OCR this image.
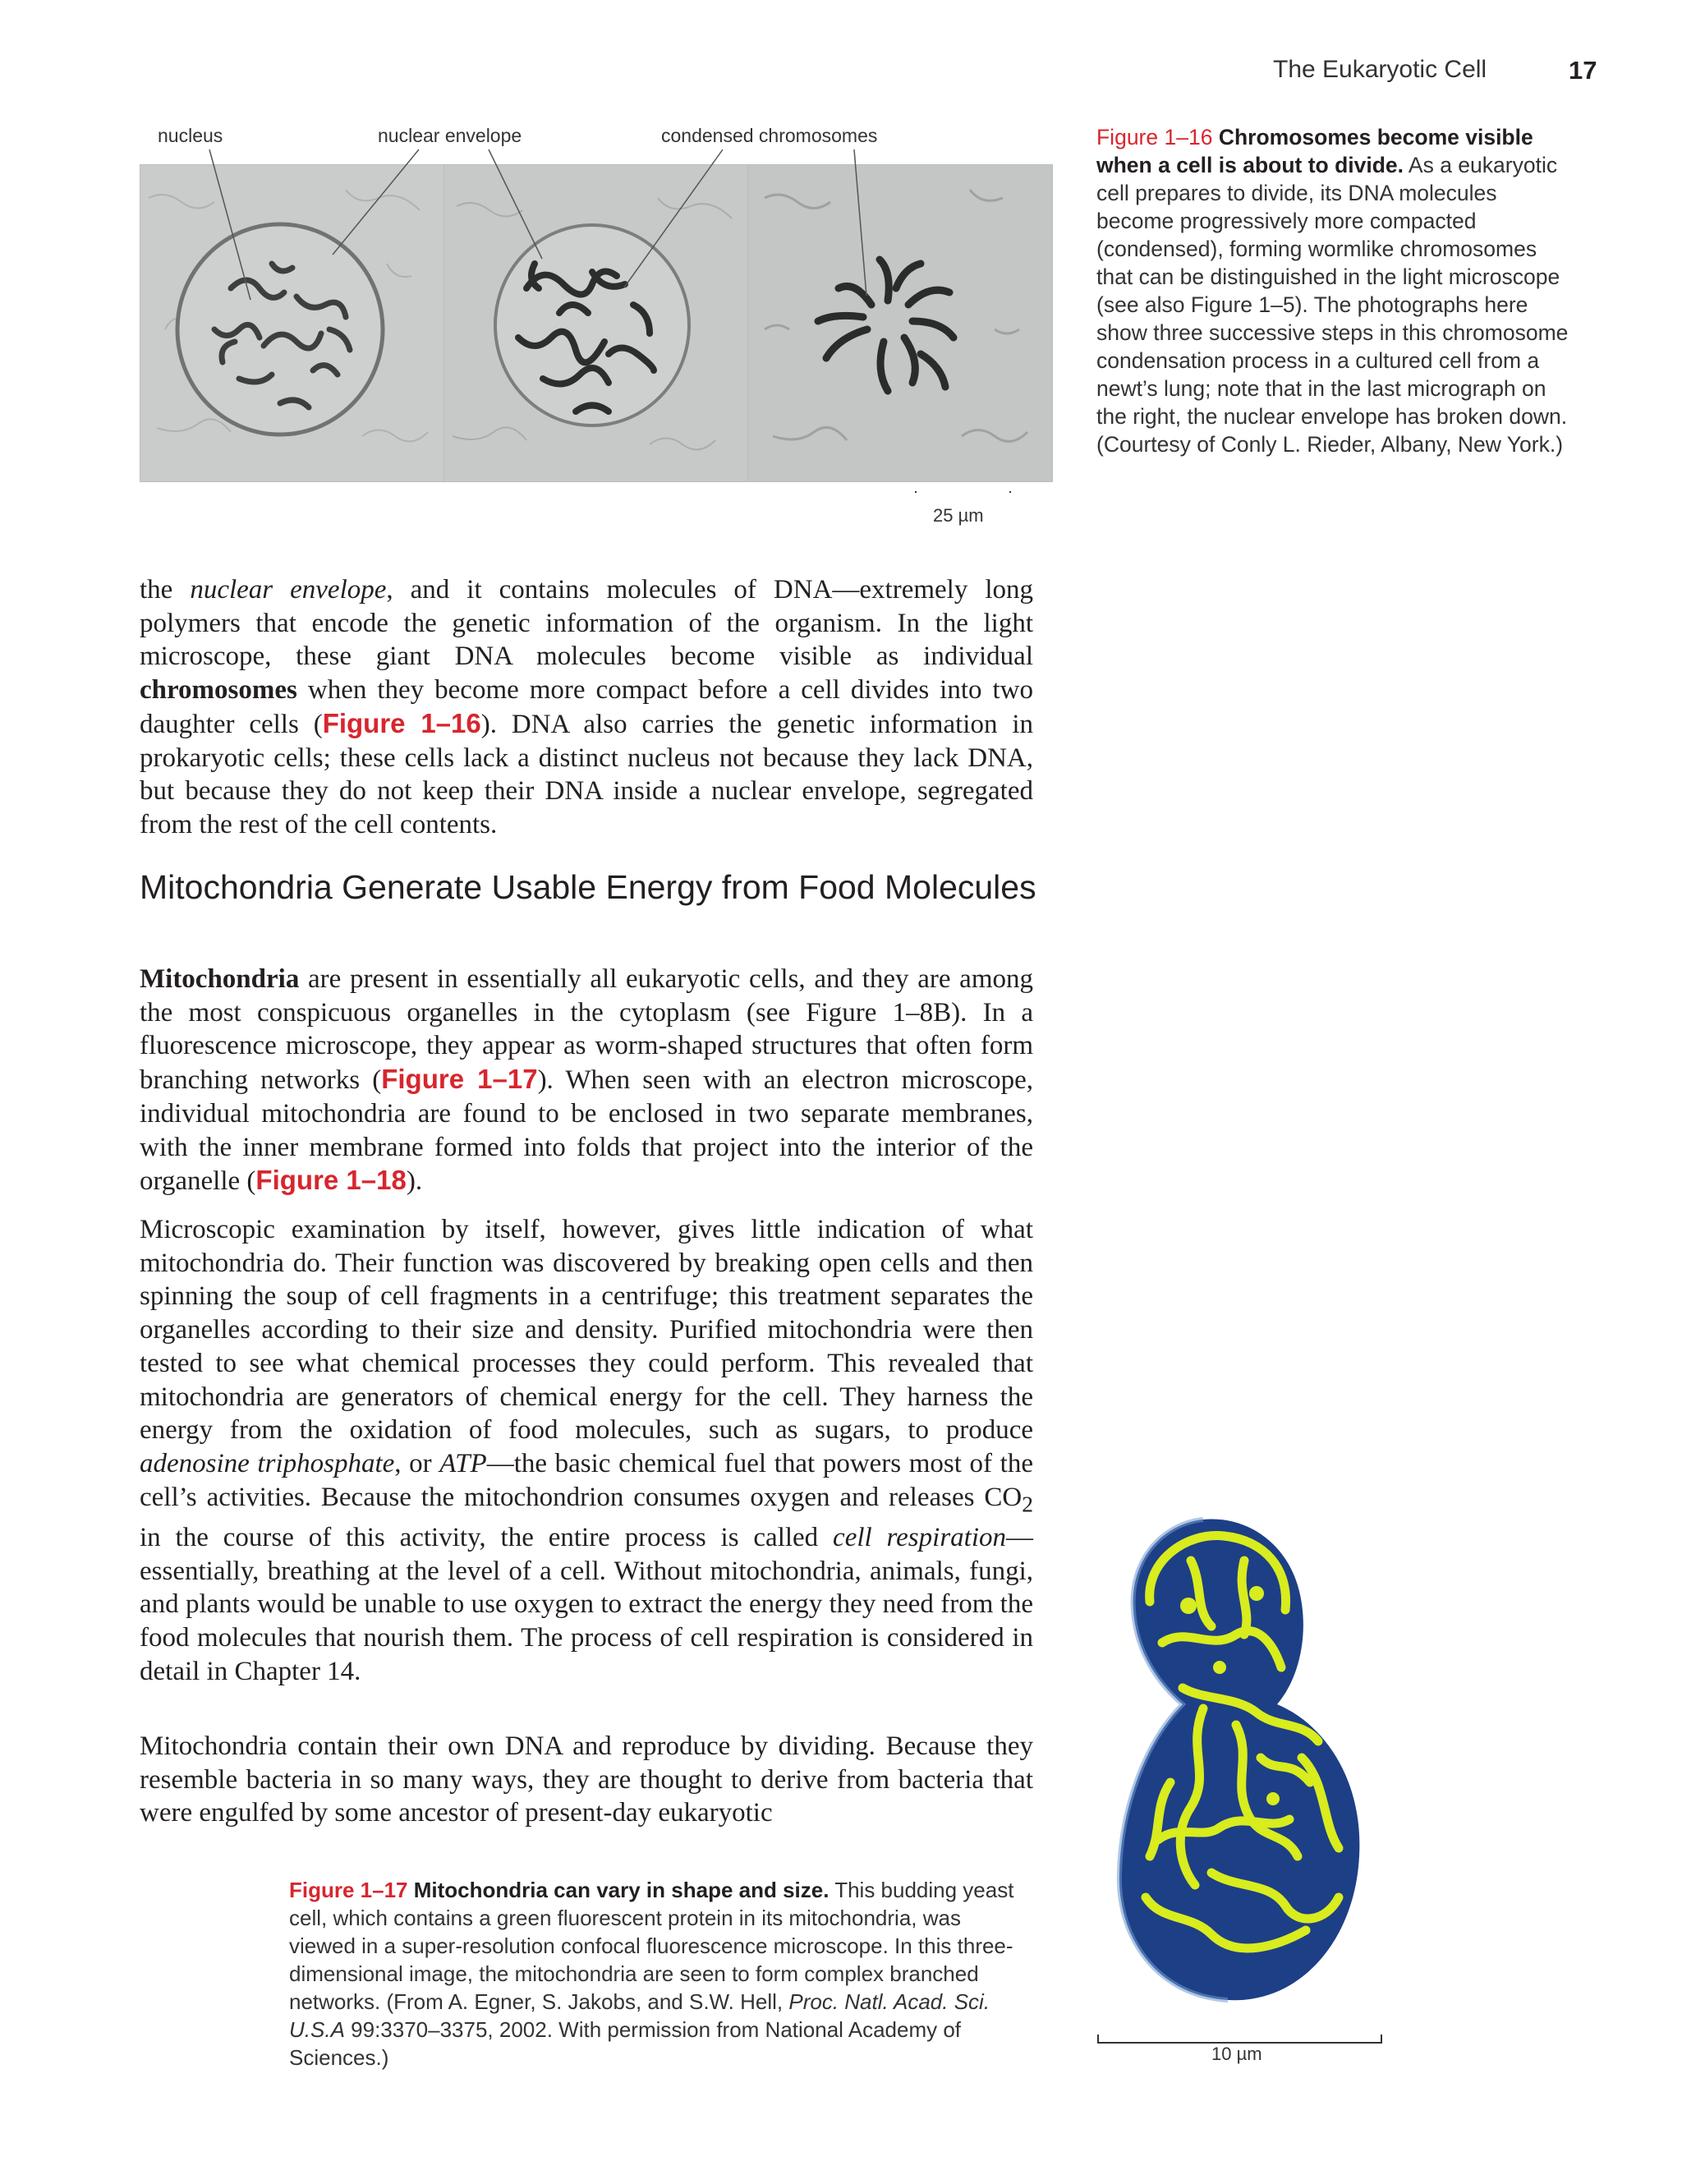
The Eukaryotic Cell	17
nucleus	nuclear envelope	condensed chromosomes
25 µm
Figure 1–16 Chromosomes become visible when a cell is about to divide. As a eukaryotic cell prepares to divide, its DNA molecules become progressively more compacted (condensed), forming wormlike chromosomes that can be distinguished in the light microscope (see also Figure 1–5). The photographs here show three successive steps in this chromosome condensation process in a cultured cell from a newt’s lung; note that in the last micrograph on the right, the nuclear envelope has broken down. (Courtesy of Conly L. Rieder, Albany, New York.)

the nuclear envelope, and it contains molecules of DNA—extremely long polymers that encode the genetic information of the organism. In the light microscope, these giant DNA molecules become visible as individual chromosomes when they become more compact before a cell divides into two daughter cells (Figure 1–16). DNA also carries the genetic information in prokaryotic cells; these cells lack a distinct nucleus not because they lack DNA, but because they do not keep their DNA inside a nuclear envelope, segregated from the rest of the cell contents.

Mitochondria Generate Usable Energy from Food Molecules

Mitochondria are present in essentially all eukaryotic cells, and they are among the most conspicuous organelles in the cytoplasm (see Figure 1–8B). In a fluorescence microscope, they appear as worm-shaped structures that often form branching networks (Figure 1–17). When seen with an electron microscope, individual mitochondria are found to be enclosed in two separate membranes, with the inner membrane formed into folds that project into the interior of the organelle (Figure 1–18).

Microscopic examination by itself, however, gives little indication of what mitochondria do. Their function was discovered by breaking open cells and then spinning the soup of cell fragments in a centrifuge; this treatment separates the organelles according to their size and density. Purified mitochondria were then tested to see what chemical processes they could perform. This revealed that mitochondria are generators of chemical energy for the cell. They harness the energy from the oxidation of food molecules, such as sugars, to produce adenosine triphosphate, or ATP—the basic chemical fuel that powers most of the cell’s activities. Because the mitochondrion consumes oxygen and releases $CO_2$ in the course of this activity, the entire process is called cell respiration—essentially, breathing at the level of a cell. Without mitochondria, animals, fungi, and plants would be unable to use oxygen to extract the energy they need from the food molecules that nourish them. The process of cell respiration is considered in detail in Chapter 14.

Mitochondria contain their own DNA and reproduce by dividing. Because they resemble bacteria in so many ways, they are thought to derive from bacteria that were engulfed by some ancestor of present-day eukaryotic

10 µm
Figure 1–17 Mitochondria can vary in shape and size. This budding yeast cell, which contains a green fluorescent protein in its mitochondria, was viewed in a super-resolution confocal fluorescence microscope. In this three-dimensional image, the mitochondria are seen to form complex branched networks. (From A. Egner, S. Jakobs, and S.W. Hell, Proc. Natl. Acad. Sci. U.S.A 99:3370–3375, 2002. With permission from National Academy of Sciences.)
